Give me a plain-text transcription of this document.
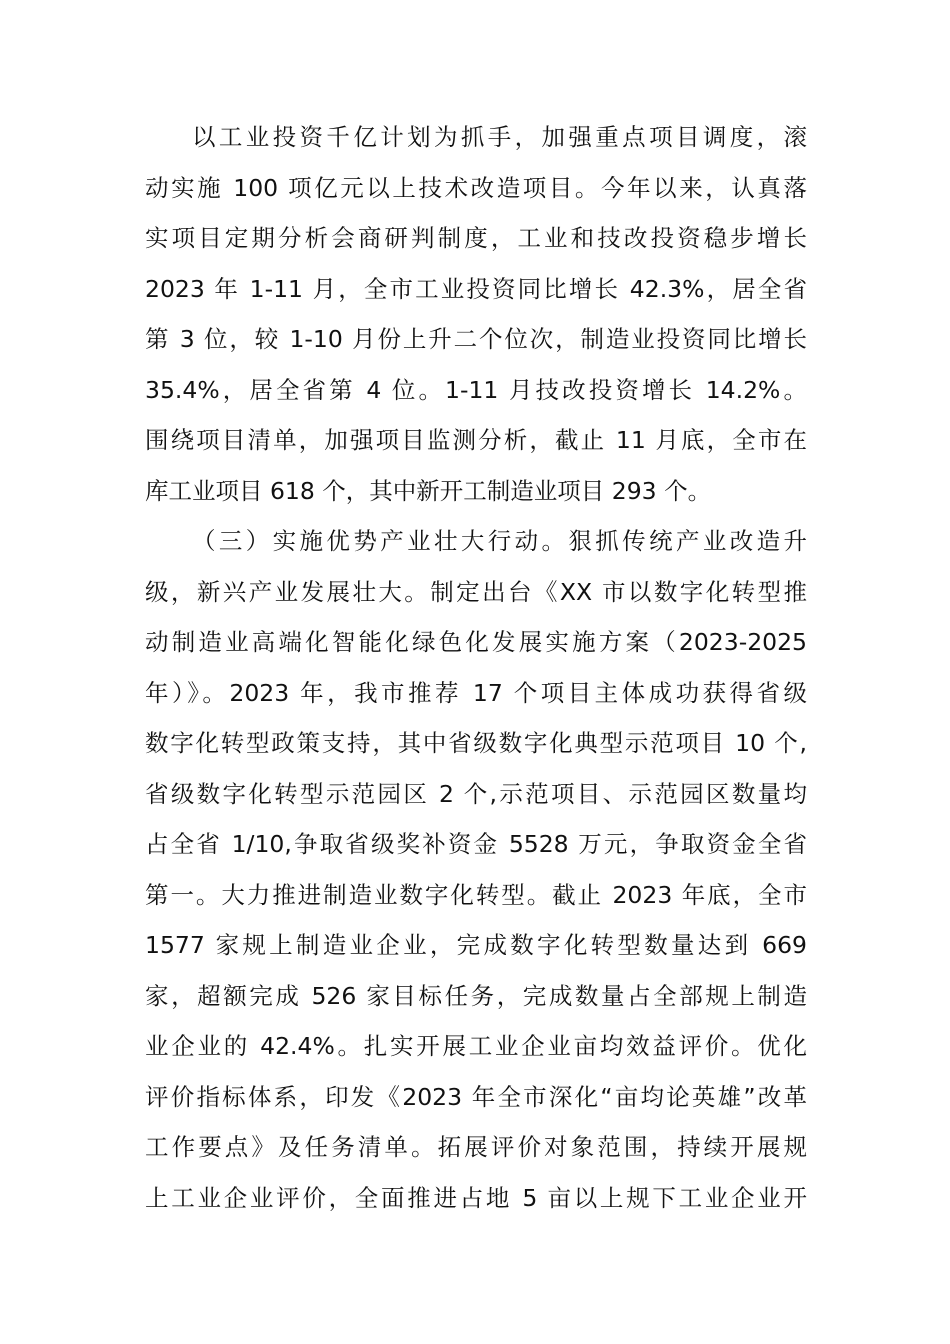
以工业投资千亿计划为抓手，加强重点项目调度，滚
动实施 100 项亿元以上技术改造项目。今年以来，认真落
实项目定期分析会商研判制度，工业和技改投资稳步增长
2023 年 1-11 月，全市工业投资同比增长 42.3%，居全省
第 3 位，较 1-10 月份上升二个位次，制造业投资同比增长
35.4%，居全省第 4 位。1-11 月技改投资增长 14.2%。
围绕项目清单，加强项目监测分析，截止 11 月底，全市在
库工业项目 618 个，其中新开工制造业项目 293 个。
（三）实施优势产业壮大行动。狠抓传统产业改造升
级，新兴产业发展壮大。制定出台《XX 市以数字化转型推
动制造业高端化智能化绿色化发展实施方案（2023-2025
年）》。2023 年，我市推荐 17 个项目主体成功获得省级
数字化转型政策支持，其中省级数字化典型示范项目 10 个,
省级数字化转型示范园区 2 个,示范项目、示范园区数量均
占全省 1/10,争取省级奖补资金 5528 万元，争取资金全省
第一。大力推进制造业数字化转型。截止 2023 年底，全市
1577 家规上制造业企业，完成数字化转型数量达到 669
家，超额完成 526 家目标任务，完成数量占全部规上制造
业企业的 42.4%。扎实开展工业企业亩均效益评价。优化
评价指标体系，印发《2023 年全市深化“亩均论英雄”改革
工作要点》及任务清单。拓展评价对象范围，持续开展规
上工业企业评价，全面推进占地 5 亩以上规下工业企业开
